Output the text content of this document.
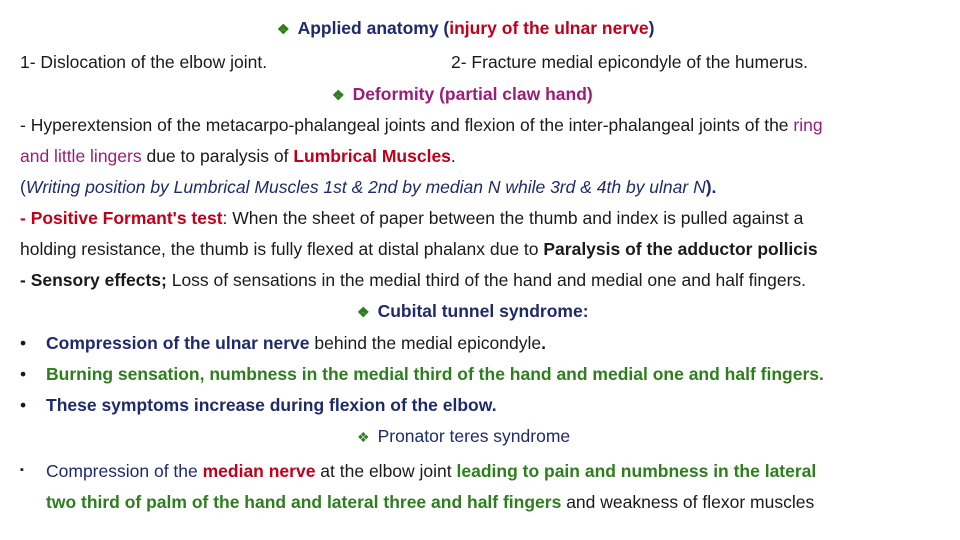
❖ Applied anatomy (injury of the ulnar nerve)
1- Dislocation of the elbow joint.	2- Fracture medial epicondyle of the humerus.
❖ Deformity (partial claw hand)
- Hyperextension of the metacarpo-phalangeal joints and flexion of the inter-phalangeal joints of the ring
and little lingers due to paralysis of Lumbrical Muscles.
(Writing position by Lumbrical Muscles 1st & 2nd by median N while 3rd & 4th by ulnar N).
- Positive Formant's test: When the sheet of paper between the thumb and index is pulled against a
holding resistance, the thumb is fully flexed at distal phalanx due to Paralysis of the adductor pollicis
- Sensory effects; Loss of sensations in the medial third of the hand and medial one and half fingers.
❖ Cubital tunnel syndrome:
• Compression of the ulnar nerve behind the medial epicondyle.
• Burning sensation, numbness in the medial third of the hand and medial one and half fingers.
• These symptoms increase during flexion of the elbow.
❖ Pronator teres syndrome
▪ Compression of the median nerve at the elbow joint leading to pain and numbness in the lateral
two third of palm of the hand and lateral three and half fingers and weakness of flexor muscles
